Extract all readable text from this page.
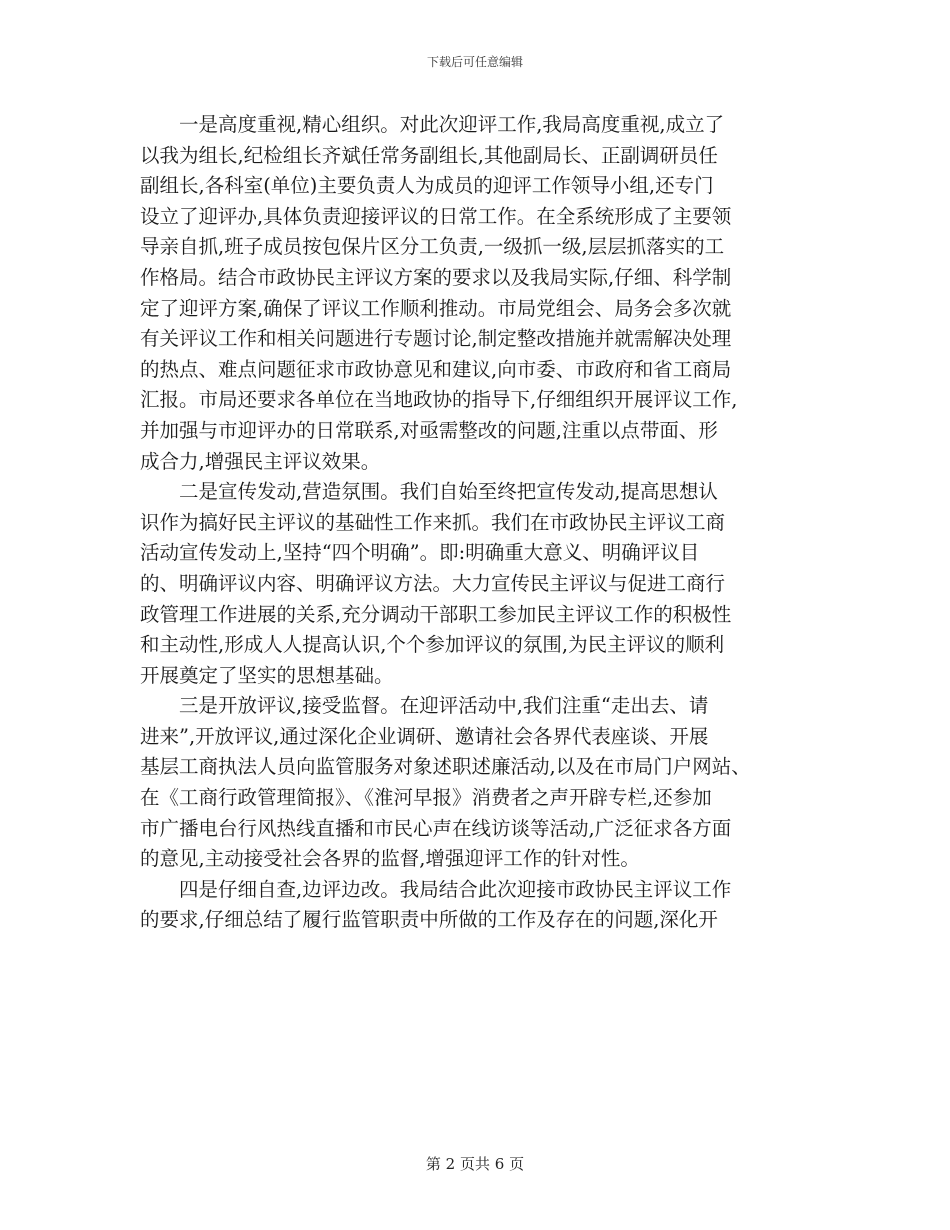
下载后可任意编辑
　　一是高度重视,精心组织。对此次迎评工作,我局高度重视,成立了
以我为组长,纪检组长齐斌任常务副组长,其他副局长、正副调研员任
副组长,各科室(单位)主要负责人为成员的迎评工作领导小组,还专门
设立了迎评办,具体负责迎接评议的日常工作。在全系统形成了主要领
导亲自抓,班子成员按包保片区分工负责,一级抓一级,层层抓落实的工
作格局。结合市政协民主评议方案的要求以及我局实际,仔细、科学制
定了迎评方案,确保了评议工作顺利推动。市局党组会、局务会多次就
有关评议工作和相关问题进行专题讨论,制定整改措施并就需解决处理
的热点、难点问题征求市政协意见和建议,向市委、市政府和省工商局
汇报。市局还要求各单位在当地政协的指导下,仔细组织开展评议工作,
并加强与市迎评办的日常联系,对亟需整改的问题,注重以点带面、形
成合力,增强民主评议效果。
　　二是宣传发动,营造氛围。我们自始至终把宣传发动,提高思想认
识作为搞好民主评议的基础性工作来抓。我们在市政协民主评议工商
活动宣传发动上,坚持“四个明确”。即:明确重大意义、明确评议目
的、明确评议内容、明确评议方法。大力宣传民主评议与促进工商行
政管理工作进展的关系,充分调动干部职工参加民主评议工作的积极性
和主动性,形成人人提高认识,个个参加评议的氛围,为民主评议的顺利
开展奠定了坚实的思想基础。
　　三是开放评议,接受监督。在迎评活动中,我们注重“走出去、请
进来”,开放评议,通过深化企业调研、邀请社会各界代表座谈、开展
基层工商执法人员向监管服务对象述职述廉活动,以及在市局门户网站、
在《工商行政管理简报》、《淮河早报》消费者之声开辟专栏,还参加
市广播电台行风热线直播和市民心声在线访谈等活动,广泛征求各方面
的意见,主动接受社会各界的监督,增强迎评工作的针对性。
　　四是仔细自查,边评边改。我局结合此次迎接市政协民主评议工作
的要求,仔细总结了履行监管职责中所做的工作及存在的问题,深化开
第 2 页共 6 页
